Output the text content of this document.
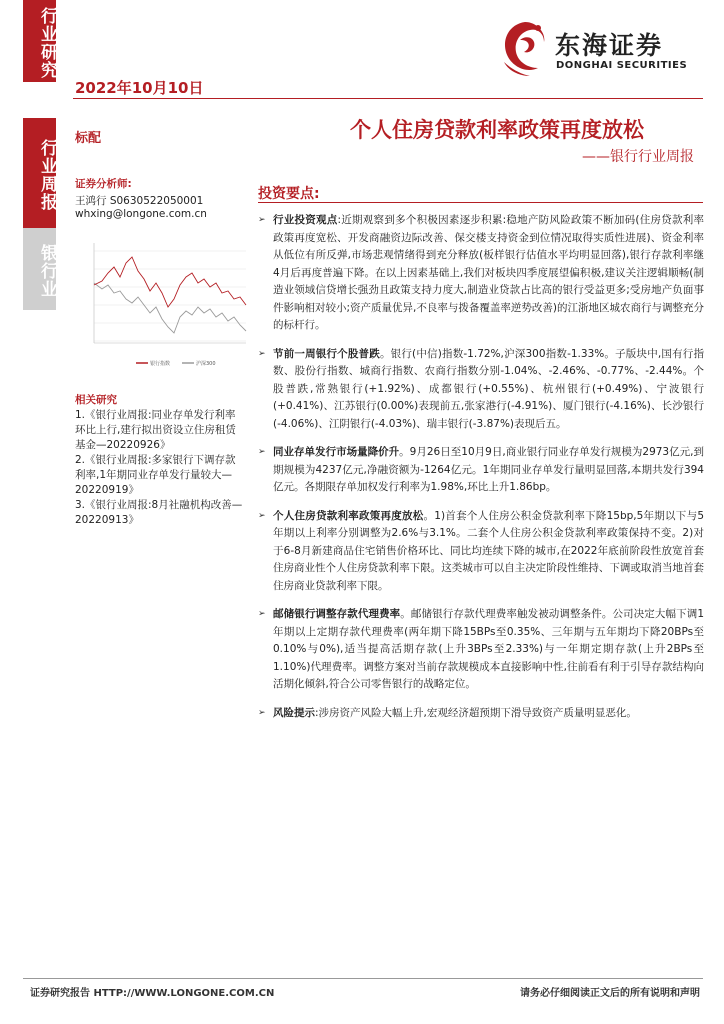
行业研究
行业周报
银行业
2022年10月10日
东海证券
DONGHAI SECURITIES
标配	个人住房贷款利率政策再度放松
——银行行业周报
证券分析师:
王鸿行 S0630522050001
whxing@longone.com.cn
银行指数	沪深300
相关研究
1.《银行业周报:同业存单发行利率环比上行,建行拟出资设立住房租赁基金—20220926》
2.《银行业周报:多家银行下调存款利率,1年期同业存单发行量较大—20220919》
3.《银行业周报:8月社融机构改善—20220913》
投资要点:
➢ 行业投资观点:近期观察到多个积极因素逐步积累:稳地产防风险政策不断加码(住房贷款利率政策再度宽松、开发商融资边际改善、保交楼支持资金到位情况取得实质性进展)、资金利率从低位有所反弹,市场悲观情绪得到充分释放(板样银行估值水平均明显回落),银行存款利率继4月后再度普遍下降。在以上因素基础上,我们对板块四季度展望偏积极,建议关注逻辑顺畅(制造业领域信贷增长强劲且政策支持力度大,制造业贷款占比高的银行受益更多;受房地产负面事件影响相对较小;资产质量优异,不良率与拨备覆盖率逆势改善)的江浙地区城农商行与调整充分的标杆行。
➢ 节前一周银行个股普跌。银行(中信)指数-1.72%,沪深300指数-1.33%。子版块中,国有行指数、股份行指数、城商行指数、农商行指数分别-1.04%、-2.46%、-0.77%、-2.44%。个股普跌,常熟银行(+1.92%)、成都银行(+0.55%)、杭州银行(+0.49%)、宁波银行(+0.41%)、江苏银行(0.00%)表现前五,张家港行(-4.91%)、厦门银行(-4.16%)、长沙银行(-4.06%)、江阴银行(-4.03%)、瑞丰银行(-3.87%)表现后五。
➢ 同业存单发行市场量降价升。9月26日至10月9日,商业银行同业存单发行规模为2973亿元,到期规模为4237亿元,净融资额为-1264亿元。1年期同业存单发行量明显回落,本期共发行394亿元。各期限存单加权发行利率为1.98%,环比上升1.86bp。
➢ 个人住房贷款利率政策再度放松。1)首套个人住房公积金贷款利率下降15bp,5年期以下与5年期以上利率分别调整为2.6%与3.1%。二套个人住房公积金贷款利率政策保持不变。2)对于6-8月新建商品住宅销售价格环比、同比均连续下降的城市,在2022年底前阶段性放宽首套住房商业性个人住房贷款利率下限。这类城市可以自主决定阶段性维持、下调或取消当地首套住房商业贷款利率下限。
➢ 邮储银行调整存款代理费率。邮储银行存款代理费率触发被动调整条件。公司决定大幅下调1年期以上定期存款代理费率(两年期下降15BPs至0.35%、三年期与五年期均下降20BPs至0.10%与0%),适当提高活期存款(上升3BPs至2.33%)与一年期定期存款(上升2BPs至1.10%)代理费率。调整方案对当前存款规模成本直接影响中性,往前看有利于引导存款结构向活期化倾斜,符合公司零售银行的战略定位。
➢ 风险提示:涉房资产风险大幅上升,宏观经济超预期下滑导致资产质量明显恶化。
证券研究报告 HTTP://WWW.LONGONE.COM.CN	请务必仔细阅读正文后的所有说明和声明
